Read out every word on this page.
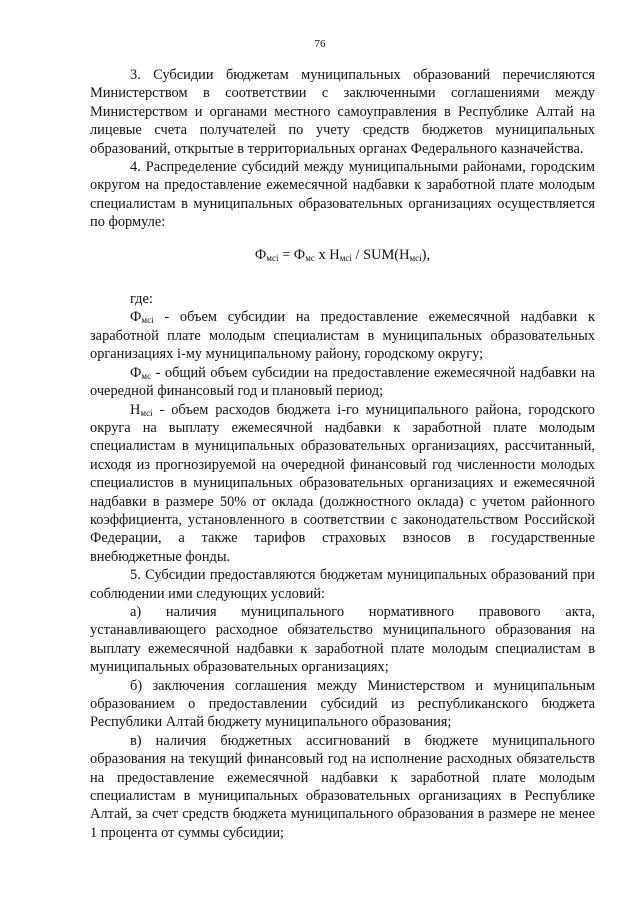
76

3. Субсидии бюджетам муниципальных образований перечисляются Министерством в соответствии с заключенными соглашениями между Министерством и органами местного самоуправления в Республике Алтай на лицевые счета получателей по учету средств бюджетов муниципальных образований, открытые в территориальных органах Федерального казначейства.

4. Распределение субсидий между муниципальными районами, городским округом на предоставление ежемесячной надбавки к заработной плате молодым специалистам в муниципальных образовательных организациях осуществляется по формуле:

$Ф_{мсi} = Ф_{мс}$ x $Н_{мсi} / SUM(Н_{мсi})$,

где:

$Ф_{мсi}$ - объем субсидии на предоставление ежемесячной надбавки к заработной плате молодым специалистам в муниципальных образовательных организациях i-му муниципальному району, городскому округу;

$Ф_{мс}$ - общий объем субсидии на предоставление ежемесячной надбавки на очередной финансовый год и плановый период;

$Н_{мсi}$ - объем расходов бюджета i-го муниципального района, городского округа на выплату ежемесячной надбавки к заработной плате молодым специалистам в муниципальных образовательных организациях, рассчитанный, исходя из прогнозируемой на очередной финансовый год численности молодых специалистов в муниципальных образовательных организациях и ежемесячной надбавки в размере 50% от оклада (должностного оклада) с учетом районного коэффициента, установленного в соответствии с законодательством Российской Федерации, а также тарифов страховых взносов в государственные внебюджетные фонды.

5. Субсидии предоставляются бюджетам муниципальных образований при соблюдении ими следующих условий:

а) наличия муниципального нормативного правового акта, устанавливающего расходное обязательство муниципального образования на выплату ежемесячной надбавки к заработной плате молодым специалистам в муниципальных образовательных организациях;

б) заключения соглашения между Министерством и муниципальным образованием о предоставлении субсидий из республиканского бюджета Республики Алтай бюджету муниципального образования;

в) наличия бюджетных ассигнований в бюджете муниципального образования на текущий финансовый год на исполнение расходных обязательств на предоставление ежемесячной надбавки к заработной плате молодым специалистам в муниципальных образовательных организациях в Республике Алтай, за счет средств бюджета муниципального образования в размере не менее 1 процента от суммы субсидии;
